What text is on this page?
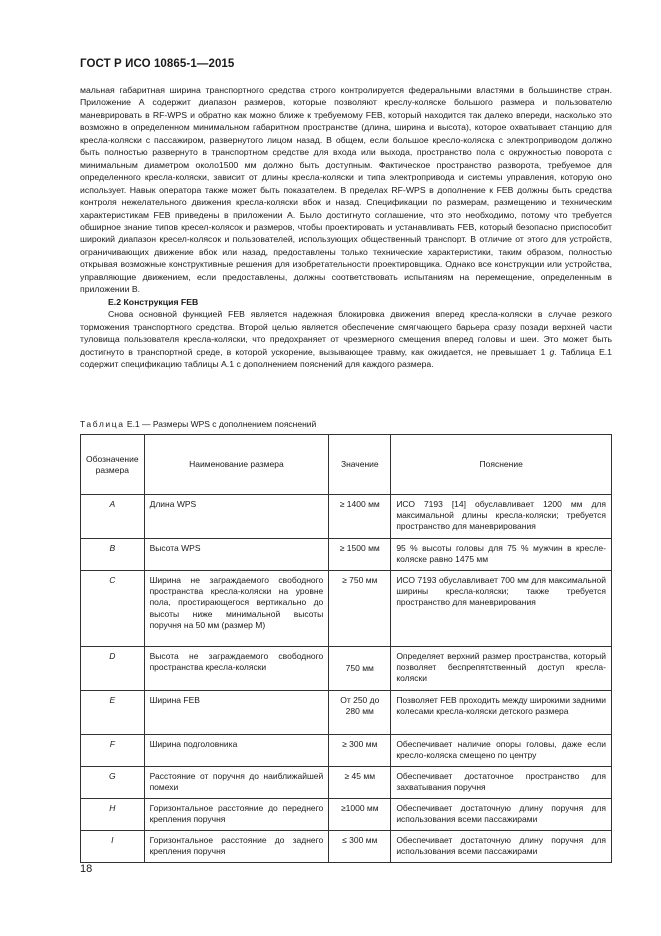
ГОСТ Р ИСО 10865-1—2015

мальная габаритная ширина транспортного средства строго контролируется федеральными властями в большинстве стран. Приложение А содержит диапазон размеров, которые позволяют креслу-коляске большого размера и пользователю маневрировать в RF-WPS и обратно как можно ближе к требуемому FEB, который находится так далеко впереди, насколько это возможно в определенном минимальном габаритном пространстве (длина, ширина и высота), которое охватывает станцию для кресла-коляски с пассажиром, развернутого лицом назад. В общем, если большое кресло-коляска с электроприводом должно быть полностью развернуто в транспортном средстве для входа или выхода, пространство пола с окружностью поворота с минимальным диаметром около1500 мм должно быть доступным. Фактическое пространство разворота, требуемое для определенного кресла-коляски, зависит от длины кресла-коляски и типа электропривода и системы управления, которую оно использует. Навык оператора также может быть показателем. В пределах RF-WPS в дополнение к FEB должны быть средства контроля нежелательного движения кресла-коляски вбок и назад. Спецификации по размерам, размещению и техническим характеристикам FEB приведены в приложении А. Было достигнуто соглашение, что это необходимо, потому что требуется обширное знание типов кресел-колясок и размеров, чтобы проектировать и устанавливать FEB, который безопасно приспособит широкий диапазон кресел-колясок и пользователей, использующих общественный транспорт. В отличие от этого для устройств, ограничивающих движение вбок или назад, предоставлены только технические характеристики, таким образом, полностью открывая возможные конструктивные решения для изобретательности проектировщика. Однако все конструкции или устройства, управляющие движением, если предоставлены, должны соответствовать испытаниям на перемещение, определенным в приложении В.

Е.2 Конструкция FEB

Снова основной функцией FEB является надежная блокировка движения вперед кресла-коляски в случае резкого торможения транспортного средства. Второй целью является обеспечение смягчающего барьера сразу позади верхней части туловища пользователя кресла-коляски, что предохраняет от чрезмерного смещения вперед головы и шеи. Это может быть достигнуто в транспортной среде, в которой ускорение, вызывающее травму, как ожидается, не превышает 1 g. Таблица Е.1 содержит спецификацию таблицы А.1 с дополнением пояснений для каждого размера.

Таблица Е.1 — Размеры WPS с дополнением пояснений
Обозначение размера	Наименование размера	Значение	Пояснение
A	Длина WPS	≥ 1400 мм	ИСО 7193 [14] обуславливает 1200 мм для максимальной длины кресла-коляски; требуется пространство для маневрирования
B	Высота WPS	≥ 1500 мм	95 % высоты головы для 75 % мужчин в кресле-коляске равно 1475 мм
C	Ширина не заграждаемого свободного пространства кресла-коляски на уровне пола, простирающегося вертикально до высоты ниже минимальной высоты поручня на 50 мм (размер М)	≥ 750 мм	ИСО 7193 обуславливает 700 мм для максимальной ширины кресла-коляски; также требуется пространство для маневрирования
D	Высота не заграждаемого свободного пространства кресла-коляски	750 мм	Определяет верхний размер пространства, который позволяет беспрепятственный доступ кресла-коляски
E	Ширина FEB	От 250 до 280 мм	Позволяет FEB проходить между широкими задними колесами кресла-коляски детского размера
F	Ширина подголовника	≥ 300 мм	Обеспечивает наличие опоры головы, даже если кресло-коляска смещено по центру
G	Расстояние от поручня до наиближайшей помехи	≥ 45 мм	Обеспечивает достаточное пространство для захватывания поручня
H	Горизонтальное расстояние до переднего крепления поручня	≥1000 мм	Обеспечивает достаточную длину поручня для использования всеми пассажирами
I	Горизонтальное расстояние до заднего крепления поручня	≤ 300 мм	Обеспечивает достаточную длину поручня для использования всеми пассажирами
18
